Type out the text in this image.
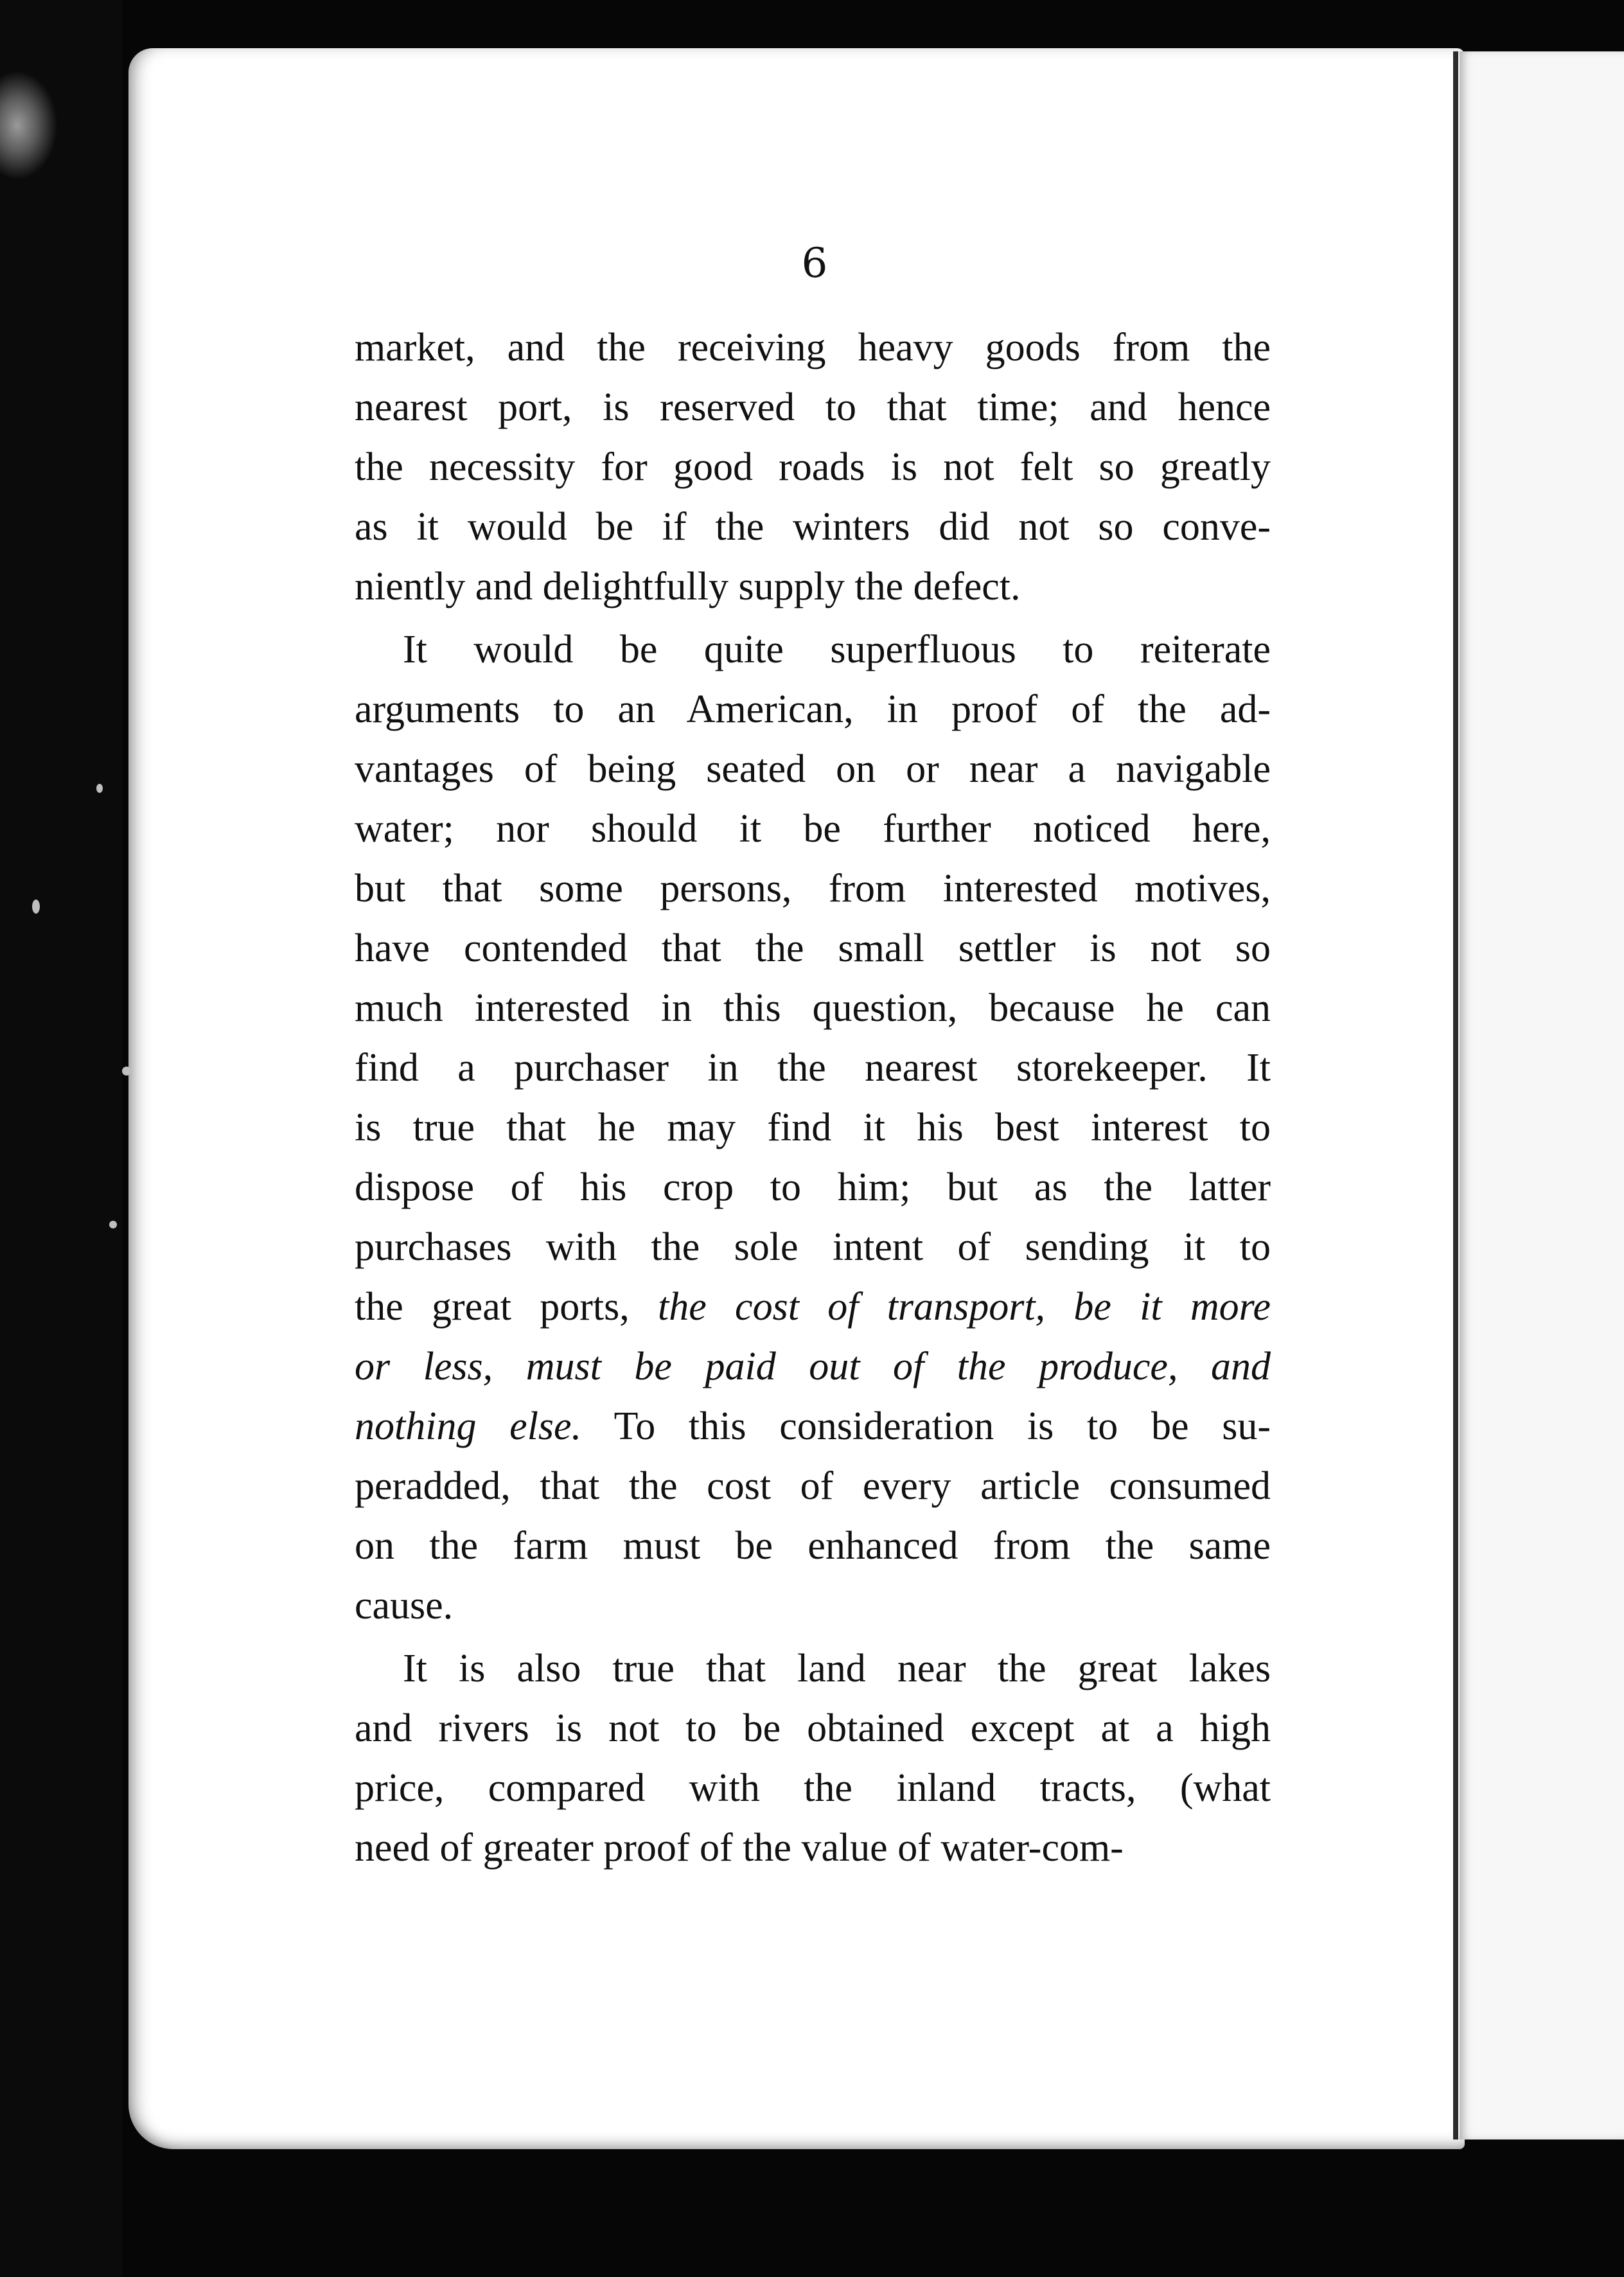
6
market, and the receiving heavy goods from the
nearest port, is reserved to that time; and hence
the necessity for good roads is not felt so greatly
as it would be if the winters did not so conve-
niently and delightfully supply the defect.
It would be quite superfluous to reiterate
arguments to an American, in proof of the ad-
vantages of being seated on or near a navigable
water; nor should it be further noticed here,
but that some persons, from interested motives,
have contended that the small settler is not so
much interested in this question, because he can
find a purchaser in the nearest storekeeper. It
is true that he may find it his best interest to
dispose of his crop to him; but as the latter
purchases with the sole intent of sending it to
the great ports, the cost of transport, be it more
or less, must be paid out of the produce, and
nothing else. To this consideration is to be su-
peradded, that the cost of every article consumed
on the farm must be enhanced from the same
cause.
It is also true that land near the great lakes
and rivers is not to be obtained except at a high
price, compared with the inland tracts, (what
need of greater proof of the value of water-com-
